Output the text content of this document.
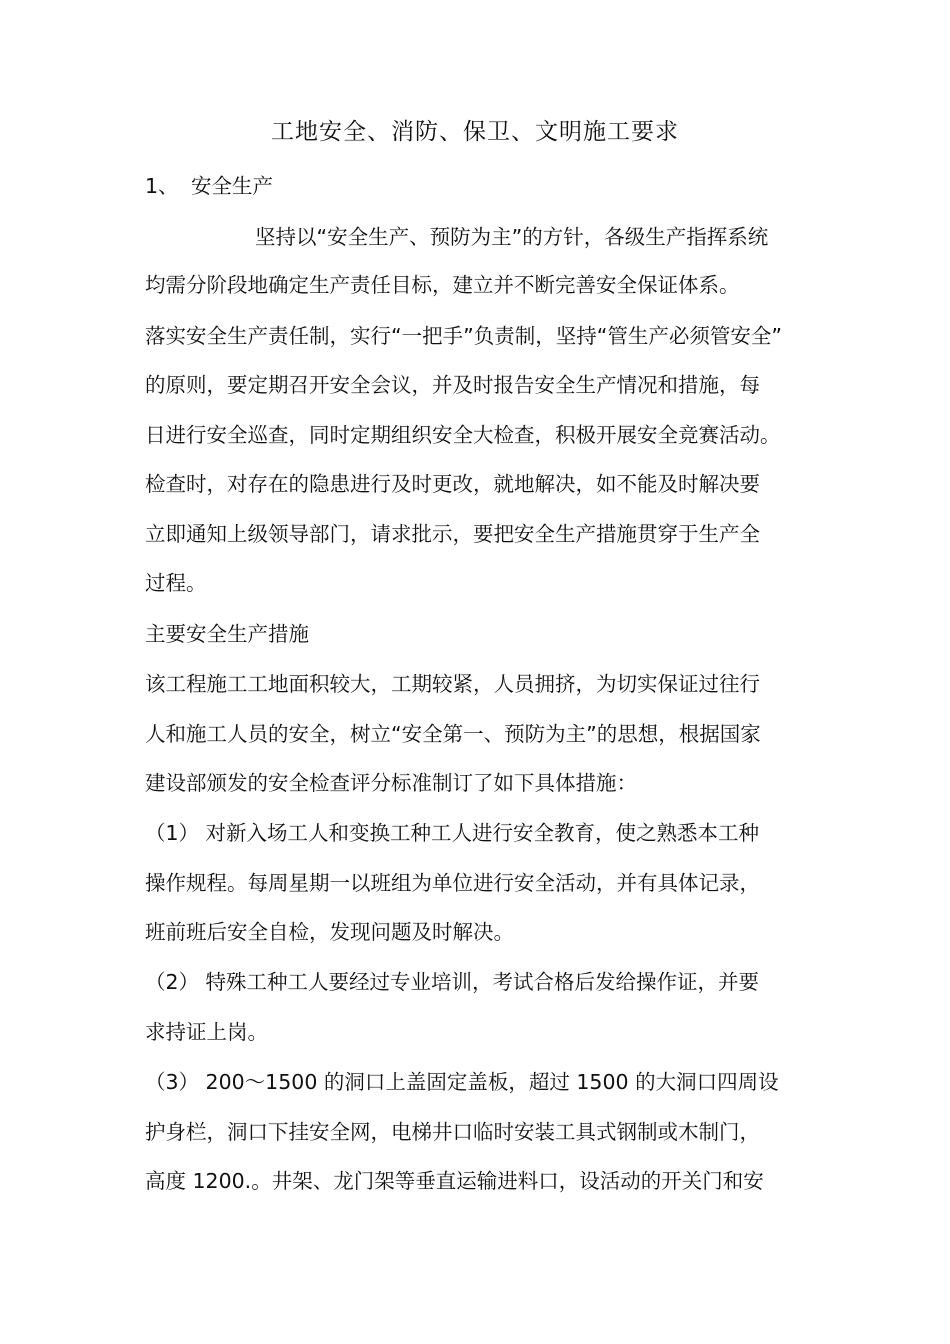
工地安全、消防、保卫、文明施工要求
1、 安全生产
坚持以“安全生产、预防为主”的方针，各级生产指挥系统
均需分阶段地确定生产责任目标，建立并不断完善安全保证体系。
落实安全生产责任制，实行“一把手”负责制，坚持“管生产必须管安全”
的原则，要定期召开安全会议，并及时报告安全生产情况和措施，每
日进行安全巡查，同时定期组织安全大检查，积极开展安全竞赛活动。
检查时，对存在的隐患进行及时更改，就地解决，如不能及时解决要
立即通知上级领导部门，请求批示，要把安全生产措施贯穿于生产全
过程。
主要安全生产措施
该工程施工工地面积较大，工期较紧，人员拥挤，为切实保证过往行
人和施工人员的安全，树立“安全第一、预防为主”的思想，根据国家
建设部颁发的安全检查评分标准制订了如下具体措施：
（1） 对新入场工人和变换工种工人进行安全教育，使之熟悉本工种
操作规程。每周星期一以班组为单位进行安全活动，并有具体记录，
班前班后安全自检，发现问题及时解决。
（2） 特殊工种工人要经过专业培训，考试合格后发给操作证，并要
求持证上岗。
（3） 200～1500 的洞口上盖固定盖板，超过 1500 的大洞口四周设
护身栏，洞口下挂安全网，电梯井口临时安装工具式钢制或木制门，
高度 1200.。井架、龙门架等垂直运输进料口，设活动的开关门和安
